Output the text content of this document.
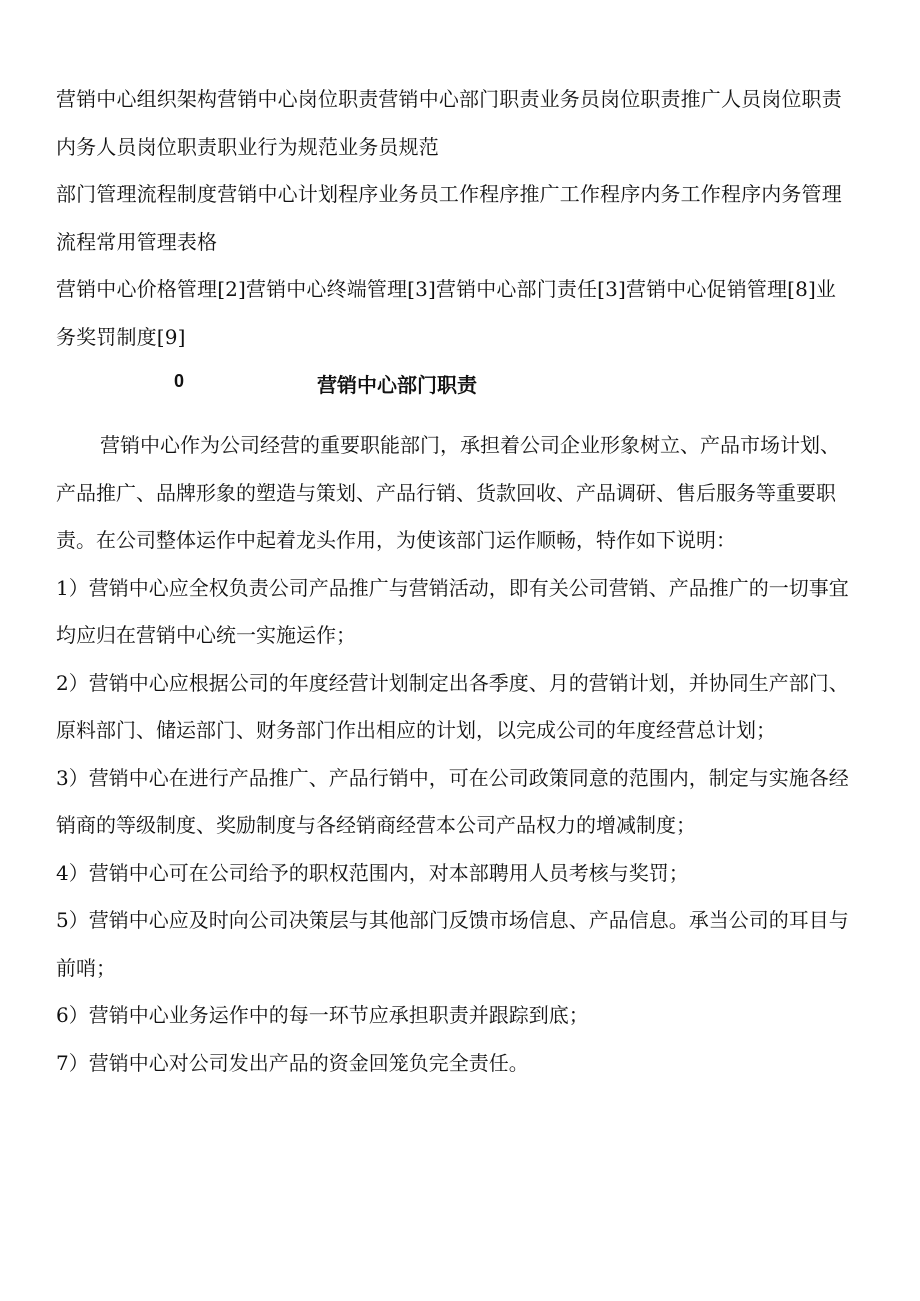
营销中心组织架构营销中心岗位职责营销中心部门职责业务员岗位职责推广人员岗位职责
内务人员岗位职责职业行为规范业务员规范
部门管理流程制度营销中心计划程序业务员工作程序推广工作程序内务工作程序内务管理
流程常用管理表格
营销中心价格管理[2]营销中心终端管理[3]营销中心部门责任[3]营销中心促销管理[8]业
务奖罚制度[9]
0	营销中心部门职责
营销中心作为公司经营的重要职能部门，承担着公司企业形象树立、产品市场计划、
产品推广、品牌形象的塑造与策划、产品行销、货款回收、产品调研、售后服务等重要职
责。在公司整体运作中起着龙头作用，为使该部门运作顺畅，特作如下说明：
1）营销中心应全权负责公司产品推广与营销活动，即有关公司营销、产品推广的一切事宜
均应归在营销中心统一实施运作；
2）营销中心应根据公司的年度经营计划制定出各季度、月的营销计划，并协同生产部门、
原料部门、储运部门、财务部门作出相应的计划，以完成公司的年度经营总计划；
3）营销中心在进行产品推广、产品行销中，可在公司政策同意的范围内，制定与实施各经
销商的等级制度、奖励制度与各经销商经营本公司产品权力的增减制度；
4）营销中心可在公司给予的职权范围内，对本部聘用人员考核与奖罚；
5）营销中心应及时向公司决策层与其他部门反馈市场信息、产品信息。承当公司的耳目与
前哨；
6）营销中心业务运作中的每一环节应承担职责并跟踪到底；
7）营销中心对公司发出产品的资金回笼负完全责任。
